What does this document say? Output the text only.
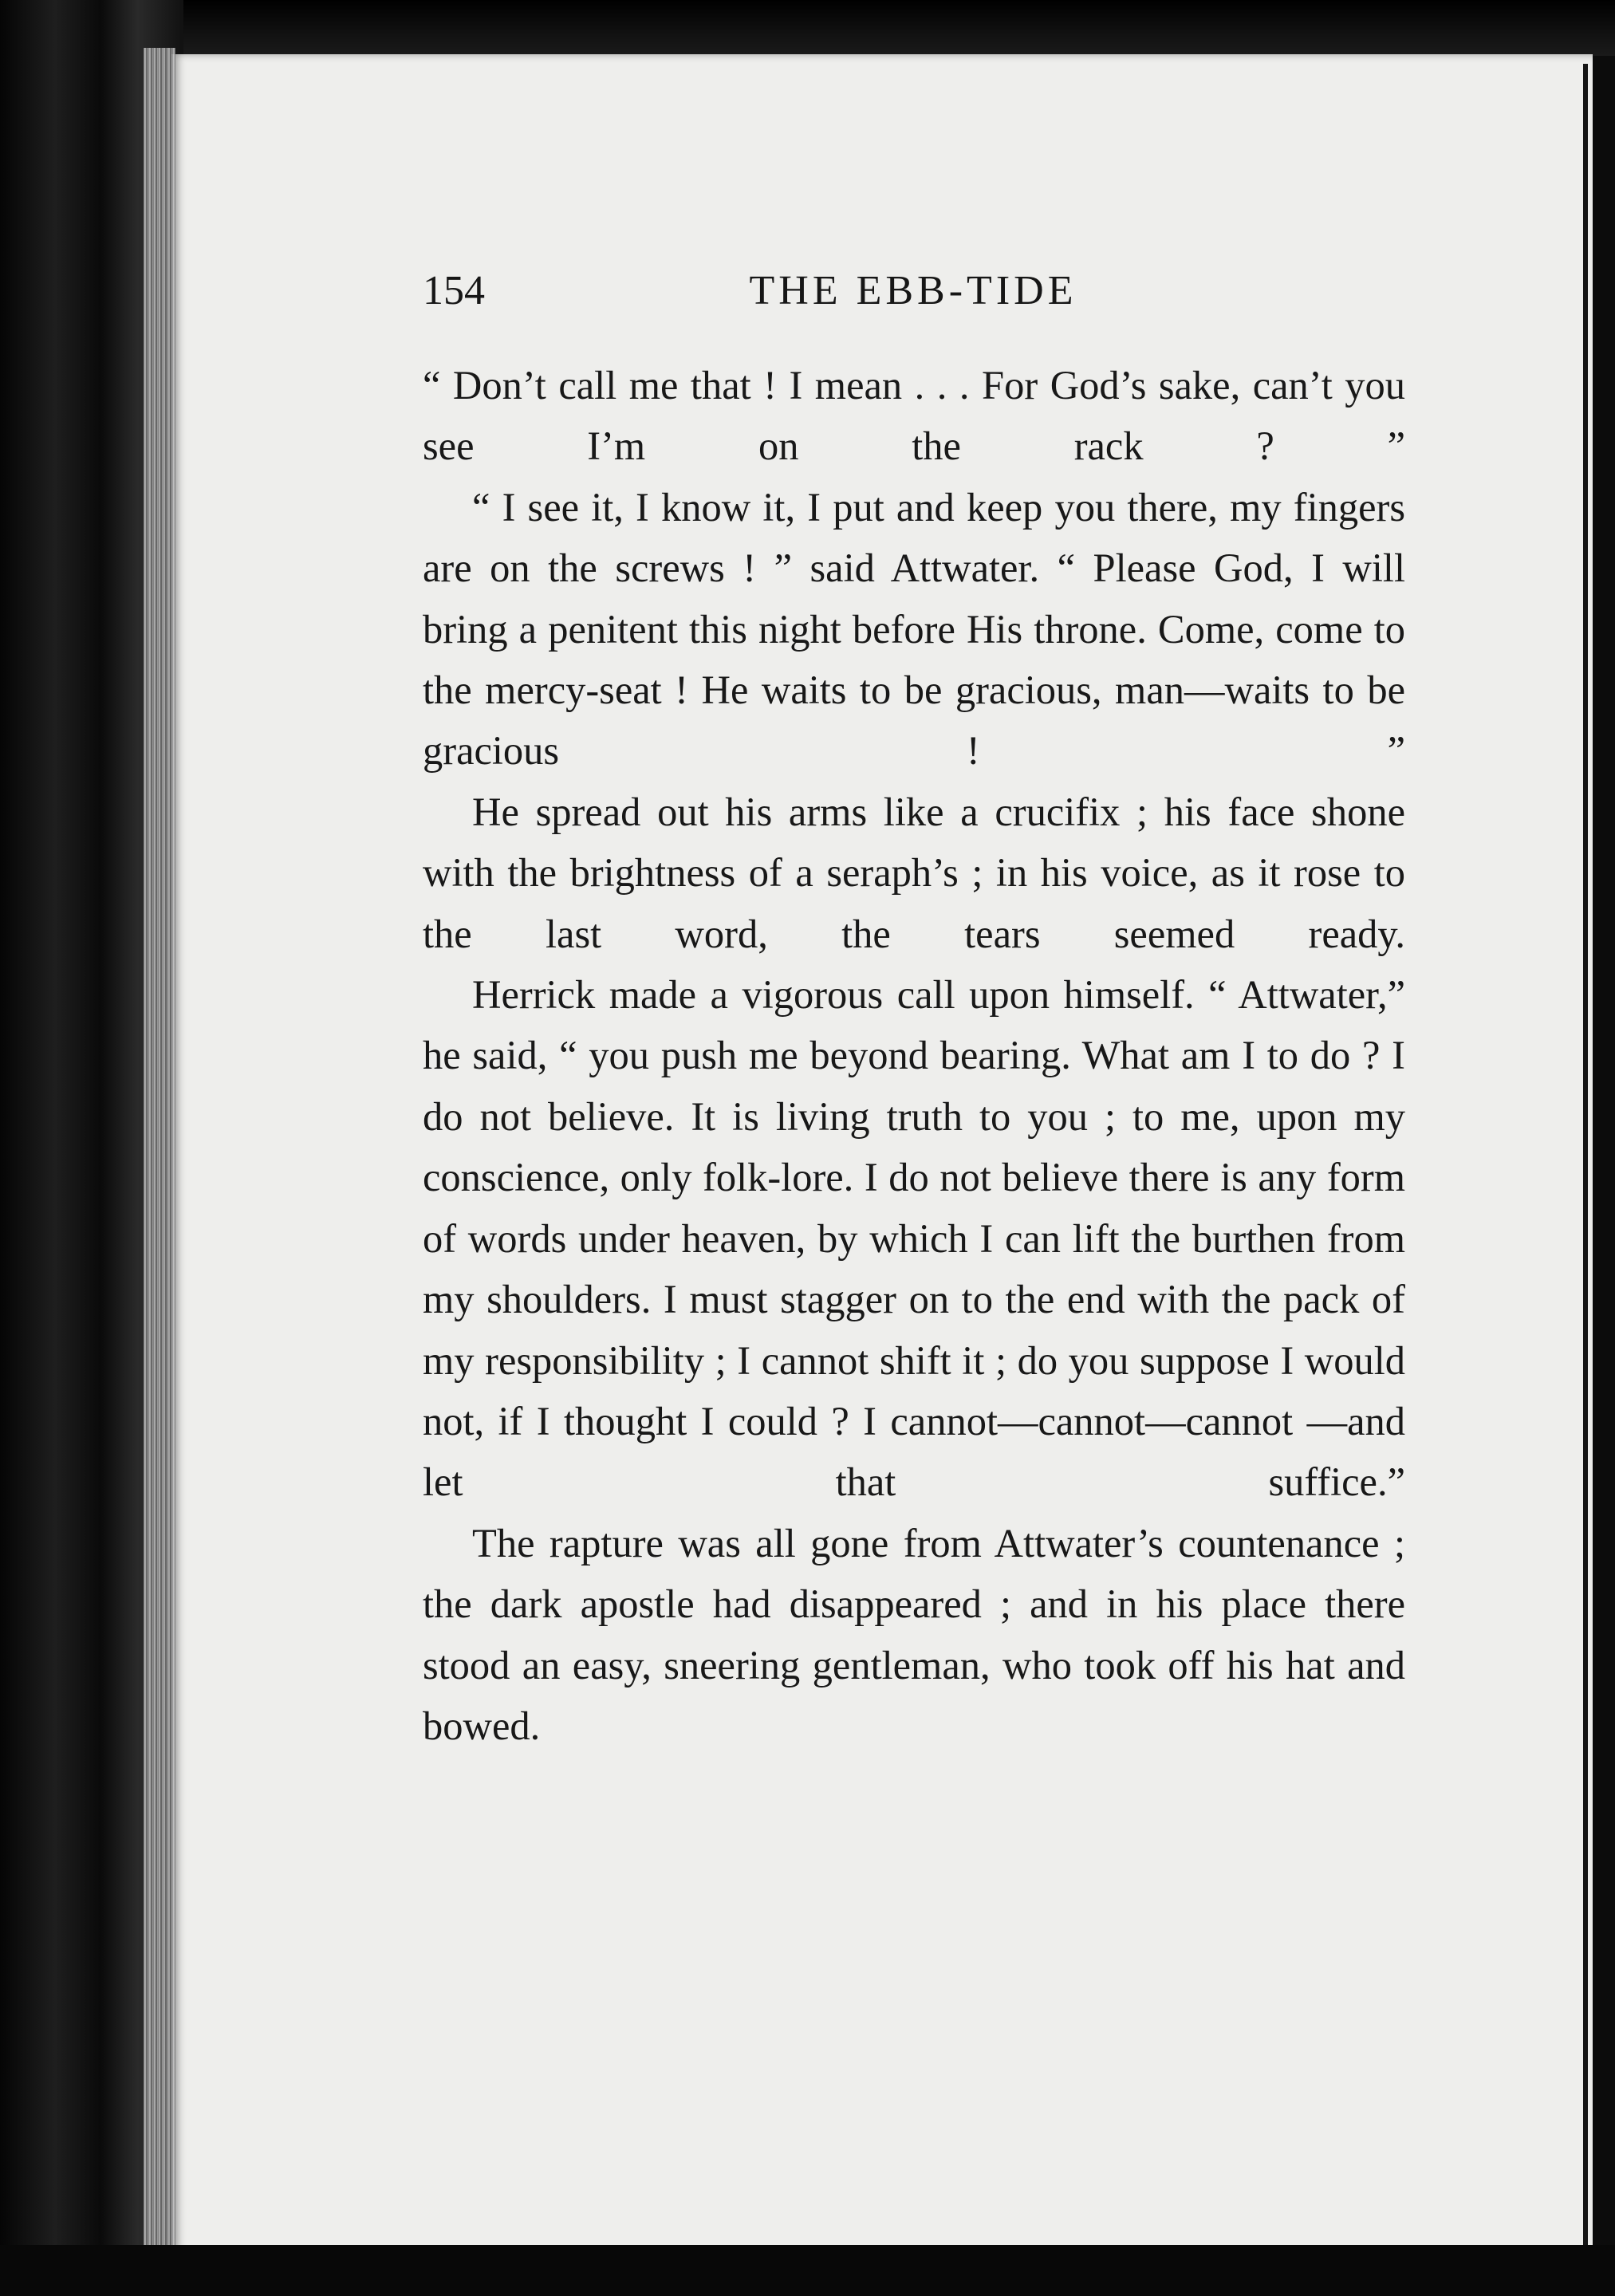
154	THE EBB-TIDE

“ Don’t call me that ! I mean . . . For God’s sake, can’t you see I’m on the rack ? ”

“ I see it, I know it, I put and keep you there, my fingers are on the screws ! ” said Attwater. “ Please God, I will bring a penitent this night before His throne. Come, come to the mercy-seat ! He waits to be gracious, man—waits to be gracious ! ”

He spread out his arms like a crucifix ; his face shone with the brightness of a seraph’s ; in his voice, as it rose to the last word, the tears seemed ready.

Herrick made a vigorous call upon himself. “ Attwater,” he said, “ you push me beyond bearing. What am I to do ? I do not believe. It is living truth to you ; to me, upon my conscience, only folk-lore. I do not believe there is any form of words under heaven, by which I can lift the burthen from my shoulders. I must stagger on to the end with the pack of my responsibility ; I cannot shift it ; do you suppose I would not, if I thought I could ? I cannot—cannot—cannot —and let that suffice.”

The rapture was all gone from Attwater’s countenance ; the dark apostle had disappeared ; and in his place there stood an easy, sneering gentleman, who took off his hat and bowed.
